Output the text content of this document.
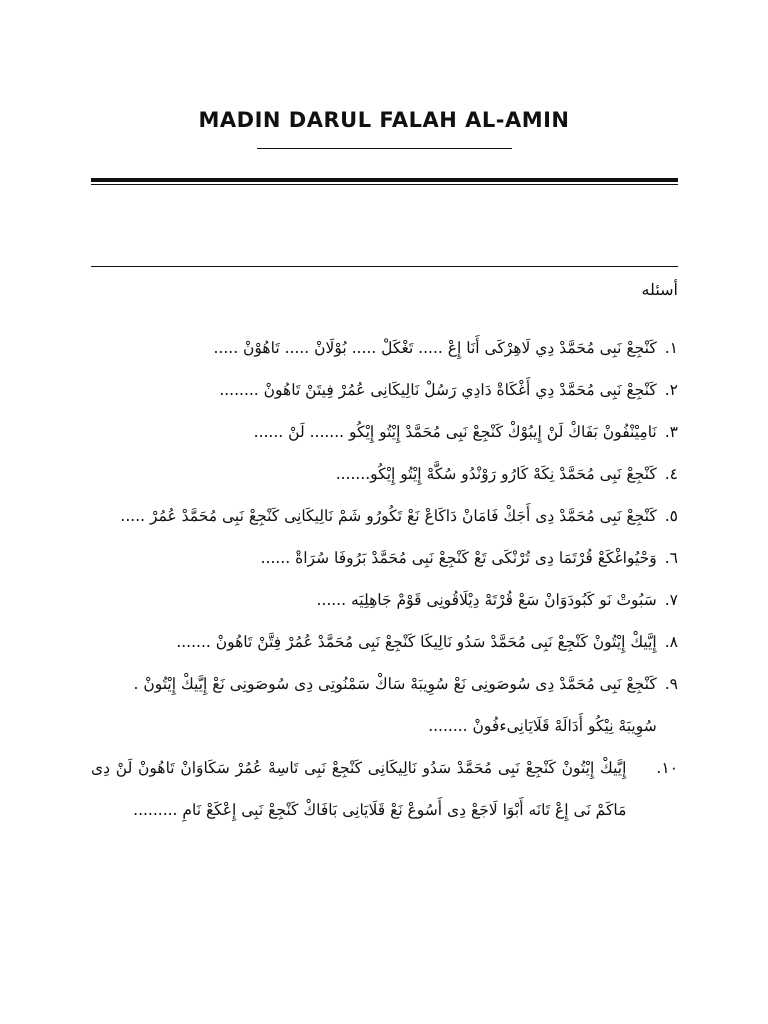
MADIN DARUL FALAH AL-AMIN
أسئله
١.
كَنْجِعْ نَبِی مُحَمَّدْ دِي لَاهِرْكَى أَنَا إِعْ ..... تَغْكَلْ ..... بُوْلَانْ ..... تَاهُوْنْ .....
٢.
كَنْجِعْ نَبِی مُحَمَّدْ دِي أَغْكَاةْ دَادِي رَسُلْ نَالِيكَانِی عُمُرْ فِيتَنْ تَاهُونْ ........
٣.
نَامِيْنْفُونْ بَفَاكْ لَنْ إِيبُوْكْ كَنْجِعْ نَبِی مُحَمَّدْ إِيْتُو إِيْكُو ....... لَنْ ......
٤.
كَنْجِعْ نَبِی مُحَمَّدْ نِكَهْ كَارُو رَوْنْدُو سُكَّهْ إِيْتُو إِيْكُو.......
٥.
كَنْجِعْ نَبِی مُحَمَّدْ دِی أَجَكْ فَامَانْ دَاكَاعْ نَعْ تَكُورُو شَمْ نَالِيكَانِی كَنْجِعْ نَبِی مُحَمَّدْ عُمُرْ .....
٦.
وَحْيُواغْكَعْ قُرْتَمَا دِی تُرْنْكَی تَعْ كَنْجِعْ نَبِی مُحَمَّدْ بَرُوفَا سُرَاةْ ......
٧.
سَبُوتْ نَو كَبُودَوَانْ سَعْ قُرْتَهْ دِيْلَاقُونِی قَوْمْ جَاهِلِيَه ......
٨.
إِيَّيكْ إِيْتُونْ كَنْجِعْ نَبِی مُحَمَّدْ سَدُو نَالِيكَا كَنْجِعْ نَبِی مُحَمَّدْ عُمُرْ فِتَّنْ تَاهُونْ .......
٩.
كَنْجِعْ نَبِی مُحَمَّدْ دِی سُوصَونِی نَعْ سُوِيبَهْ سَاكْ سَمْنُوتِی دِی سُوصَونِی نَعْ إِيَّيكْ إِيْتُونْ . سُوِيبَهْ نِيْكُو أَدَالَهْ قَلَايَانِیءفُونْ ........
١٠.
إِيَّيكْ إِيْتُونْ كَنْجِعْ نَبِی مُحَمَّدْ سَدُو نَالِيكَانِی كَنْجِعْ نَبِی تَاسِهْ عُمُرْ سَكَاوَانْ تَاهُونْ لَنْ دِی مَاكَمْ نَی إِعْ تَانَه أَبْوَا لَاجَعْ دِی أَسُوعْ نَعْ قَلَايَانِی بَافَاكْ كَنْجِعْ نَبِی إِعْكَعْ نَامِ .........
